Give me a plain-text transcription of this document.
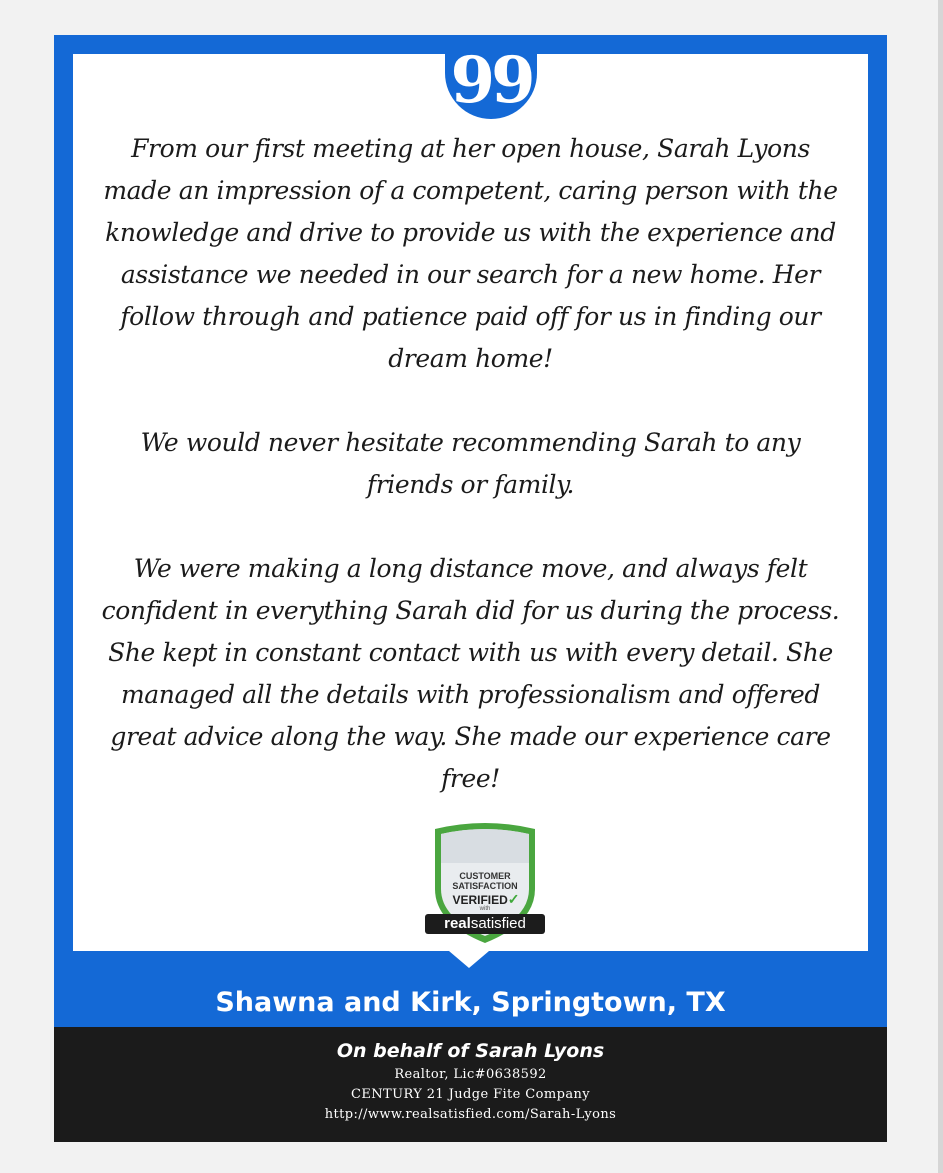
99

From our first meeting at her open house, Sarah Lyons made an impression of a competent, caring person with the knowledge and drive to provide us with the experience and assistance we needed in our search for a new home. Her follow through and patience paid off for us in finding our dream home!

We would never hesitate recommending Sarah to any friends or family.

We were making a long distance move, and always felt confident in everything Sarah did for us during the process. She kept in constant contact with us with every detail. She managed all the details with professionalism and offered great advice along the way. She made our experience care free!

CUSTOMER
SATISFACTION
VERIFIED✓
with
realsatisfied
Shawna and Kirk, Springtown, TX
On behalf of Sarah Lyons
Realtor, Lic#0638592
CENTURY 21 Judge Fite Company
http://www.realsatisfied.com/Sarah-Lyons
